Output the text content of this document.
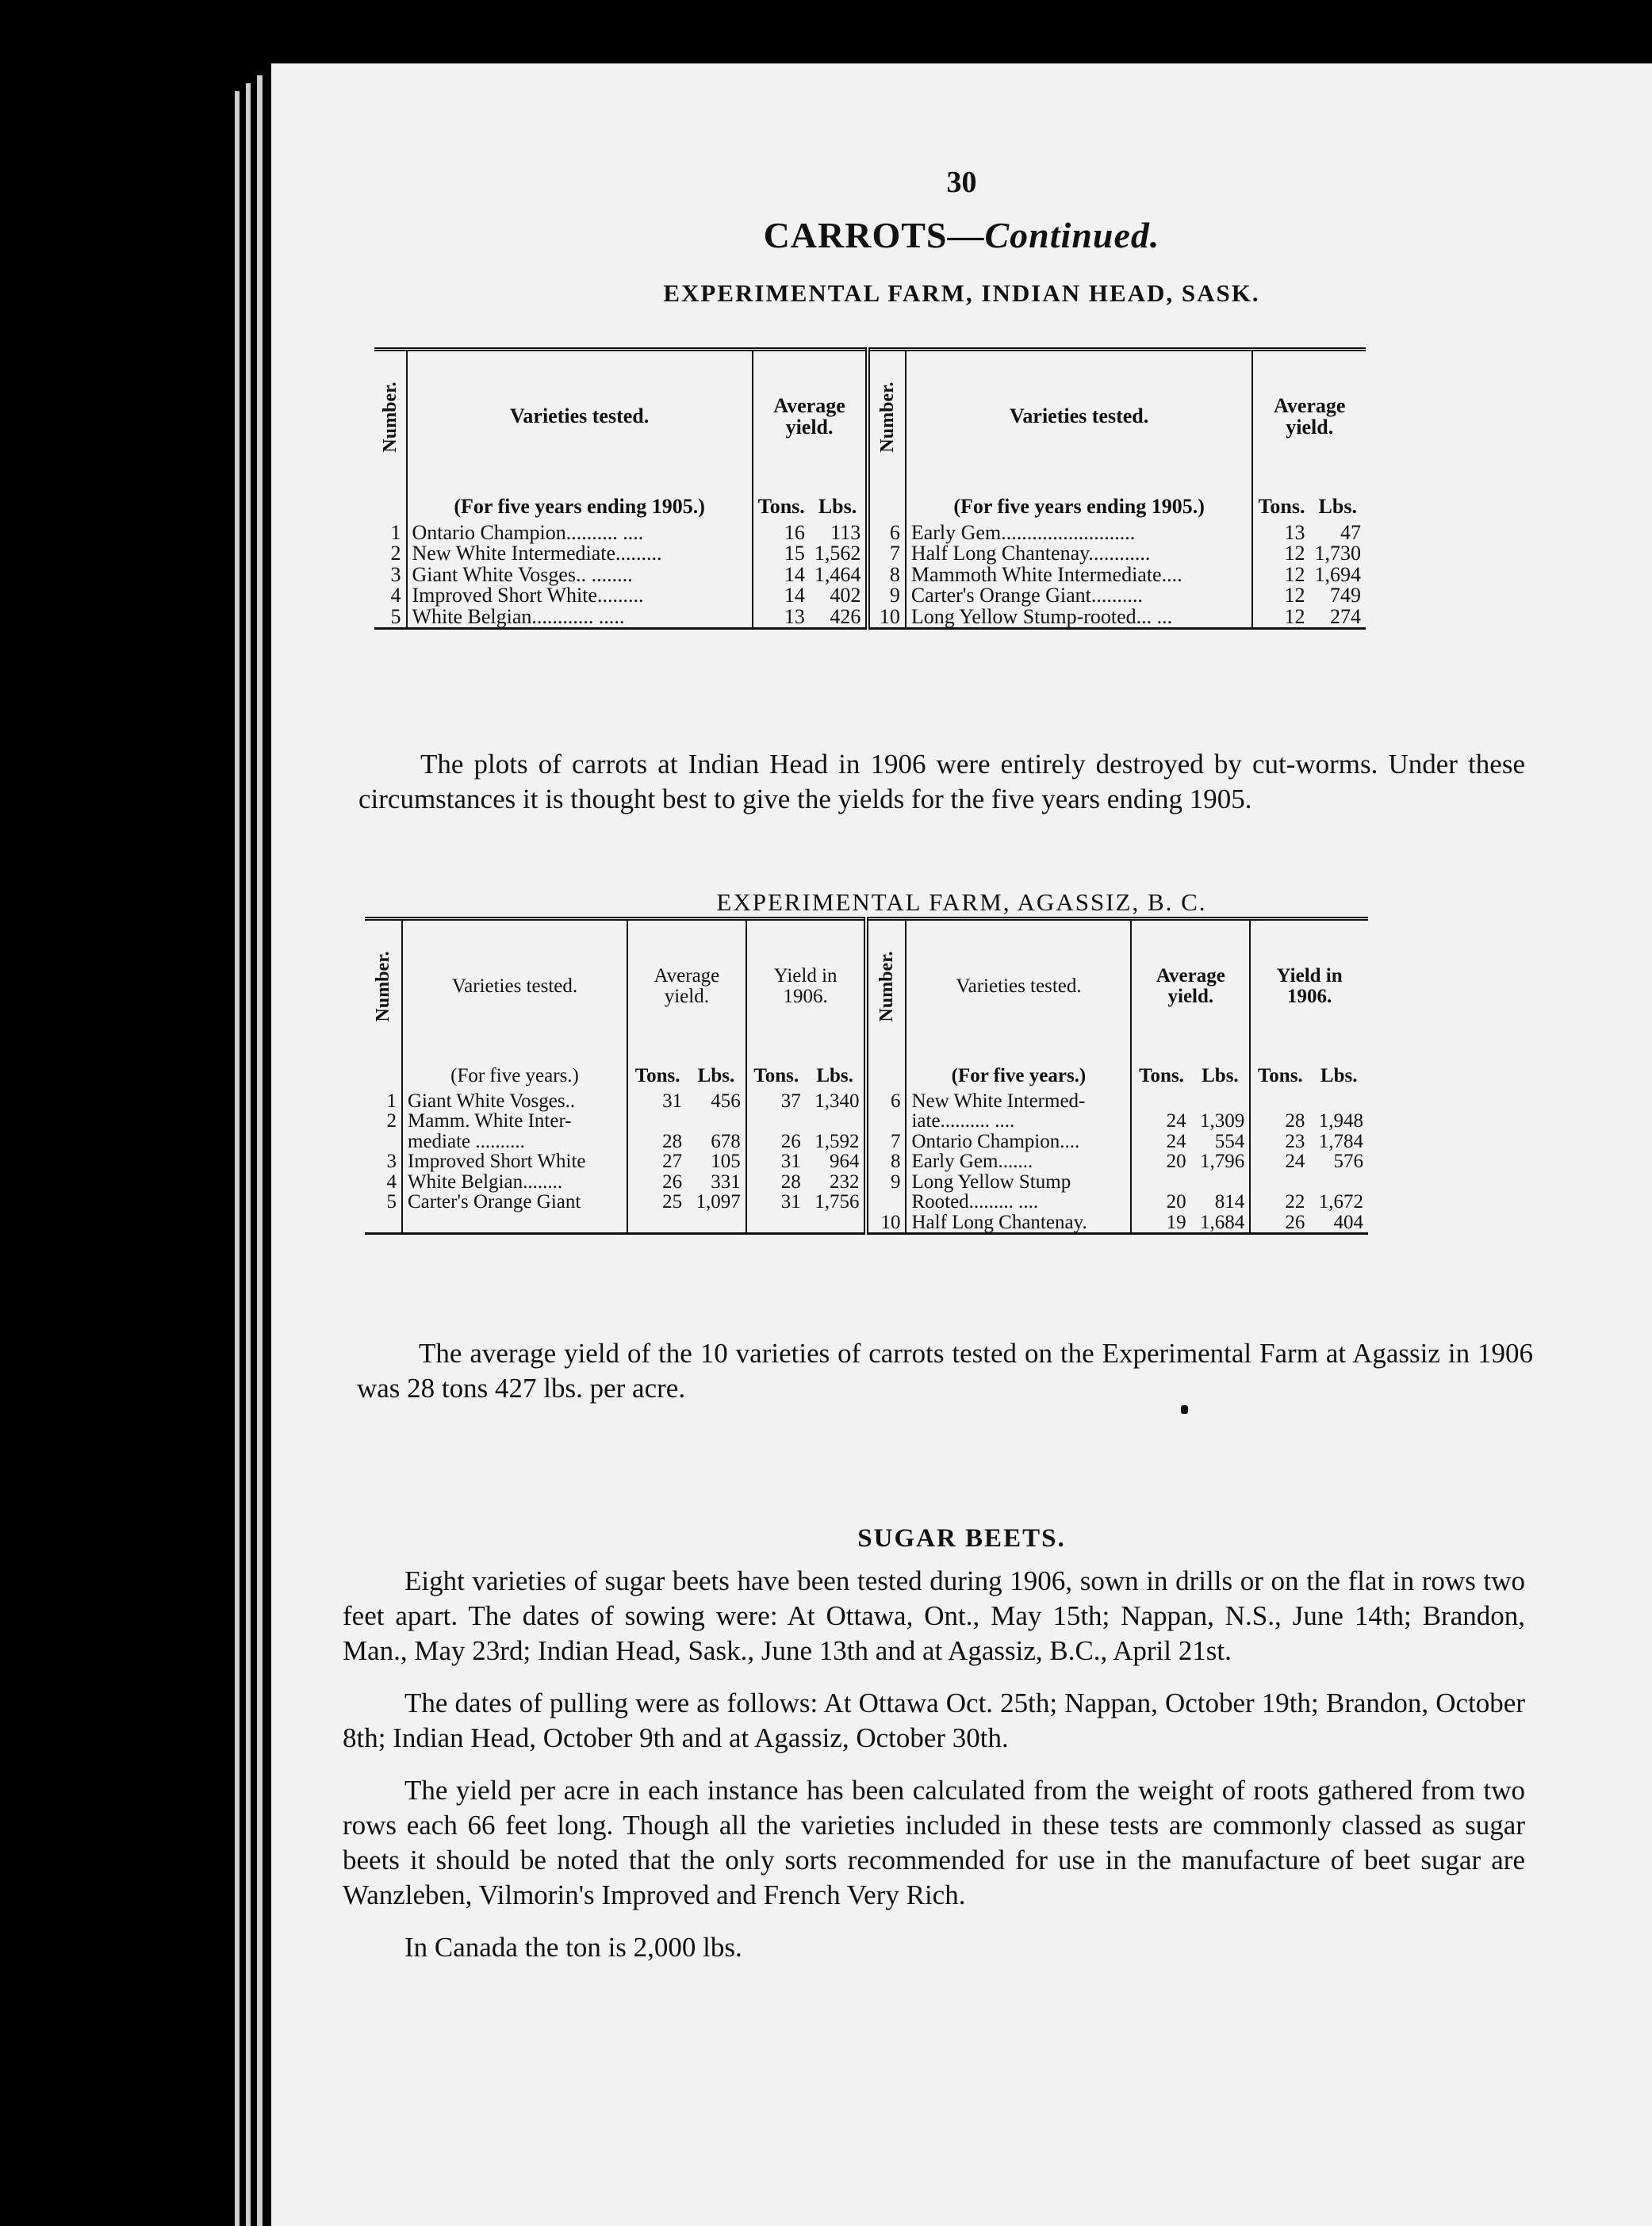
30
CARROTS—Continued.
EXPERIMENTAL FARM, INDIAN HEAD, SASK.
Number.	Varieties tested.	Average yield.		Number.	Varieties tested.	Average yield.	
	(For five years ending 1905.)	Tons.	Lbs.		(For five years ending 1905.)	Tons.	Lbs.
1	Ontario Champion.......... ....	16	113	6	Early Gem..........................	13	47
2	New White Intermediate.........	15	1,562	7	Half Long Chantenay............	12	1,730
3	Giant White Vosges.. ........	14	1,464	8	Mammoth White Intermediate....	12	1,694
4	Improved Short White.........	14	402	9	Carter's Orange Giant..........	12	749
5	White Belgian............ .....	13	426	10	Long Yellow Stump-rooted... ...	12	274

The plots of carrots at Indian Head in 1906 were entirely destroyed by cut-worms. Under these circumstances it is thought best to give the yields for the five years ending 1905.

EXPERIMENTAL FARM, AGASSIZ, B. C.
Number.	Varieties tested.	Average yield.		Yield in 1906.		Number.	Varieties tested.	Average yield.		Yield in 1906.	
	(For five years.)	Tons.	Lbs.	Tons.	Lbs.		(For five years.)	Tons.	Lbs.	Tons.	Lbs.
1	Giant White Vosges..	31	456	37	1,340	6	New White Intermed-				
2	Mamm. White Inter-						iate.......... ....	24	1,309	28	1,948
	mediate ..........	28	678	26	1,592	7	Ontario Champion....	24	554	23	1,784
3	Improved Short White	27	105	31	964	8	Early Gem.......	20	1,796	24	576
4	White Belgian........	26	331	28	232	9	Long Yellow Stump				
5	Carter's Orange Giant	25	1,097	31	1,756		Rooted......... ....	20	814	22	1,672
						10	Half Long Chantenay.	19	1,684	26	404

The average yield of the 10 varieties of carrots tested on the Experimental Farm at Agassiz in 1906 was 28 tons 427 lbs. per acre.

SUGAR BEETS.

Eight varieties of sugar beets have been tested during 1906, sown in drills or on the flat in rows two feet apart. The dates of sowing were: At Ottawa, Ont., May 15th; Nappan, N.S., June 14th; Brandon, Man., May 23rd; Indian Head, Sask., June 13th and at Agassiz, B.C., April 21st.

The dates of pulling were as follows: At Ottawa Oct. 25th; Nappan, October 19th; Brandon, October 8th; Indian Head, October 9th and at Agassiz, October 30th.

The yield per acre in each instance has been calculated from the weight of roots gathered from two rows each 66 feet long. Though all the varieties included in these tests are commonly classed as sugar beets it should be noted that the only sorts recommended for use in the manufacture of beet sugar are Wanzleben, Vilmorin's Improved and French Very Rich.

In Canada the ton is 2,000 lbs.
